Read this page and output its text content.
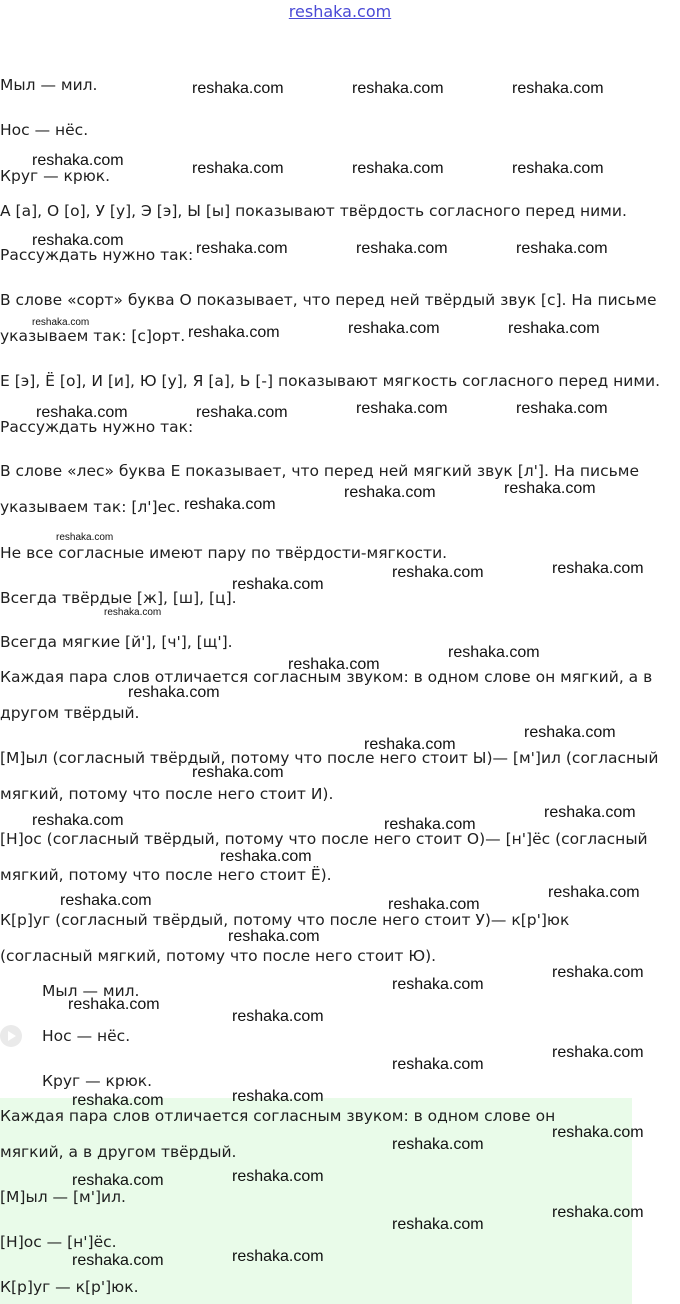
reshaka.com
Мыл — мил.
Нос — нёс.
Круг — крюк.
А [а], О [о], У [у], Э [э], Ы [ы] показывают твёрдость согласного перед ними.
Рассуждать нужно так:
В слове «сорт» буква О показывает, что перед ней твёрдый звук [с]. На письме
указываем так: [с]орт.
Е [э], Ё [о], И [и], Ю [у], Я [а], Ь [-] показывают мягкость согласного перед ними.
Рассуждать нужно так:
В слове «лес» буква Е показывает, что перед ней мягкий звук [л']. На письме
указываем так: [л']ес.
Не все согласные имеют пару по твёрдости-мягкости.
Всегда твёрдые [ж], [ш], [ц].
Всегда мягкие [й'], [ч'], [щ'].
Каждая пара слов отличается согласным звуком: в одном слове он мягкий, а в
другом твёрдый.
[М]ыл (согласный твёрдый, потому что после него стоит Ы)— [м']ил (согласный
мягкий, потому что после него стоит И).
[Н]ос (согласный твёрдый, потому что после него стоит О)— [н']ёс (согласный
мягкий, потому что после него стоит Ё).
К[р]уг (согласный твёрдый, потому что после него стоит У)— к[р']юк
(согласный мягкий, потому что после него стоит Ю).
Мыл — мил.
Нос — нёс.
Круг — крюк.
Каждая пара слов отличается согласным звуком: в одном слове он
мягкий, а в другом твёрдый.
[М]ыл — [м']ил.
[Н]ос — [н']ёс.
К[р]уг — к[р']юк.
reshaka.com	reshaka.com	reshaka.com
reshaka.com	reshaka.com	reshaka.com	reshaka.com
reshaka.com	reshaka.com	reshaka.com	reshaka.com
reshaka.com
reshaka.com	reshaka.com	reshaka.com
reshaka.com	reshaka.com	reshaka.com	reshaka.com
reshaka.com	reshaka.com
reshaka.com
reshaka.com
reshaka.com	reshaka.com
reshaka.com
reshaka.com
reshaka.com
reshaka.com
reshaka.com
reshaka.com
reshaka.com
reshaka.com
reshaka.com
reshaka.com	reshaka.com
reshaka.com
reshaka.com
reshaka.com	reshaka.com
reshaka.com
reshaka.com
reshaka.com
reshaka.com
reshaka.com
reshaka.com
reshaka.com
reshaka.com	reshaka.com
reshaka.com
reshaka.com
reshaka.com	reshaka.com
reshaka.com
reshaka.com
reshaka.com	reshaka.com
